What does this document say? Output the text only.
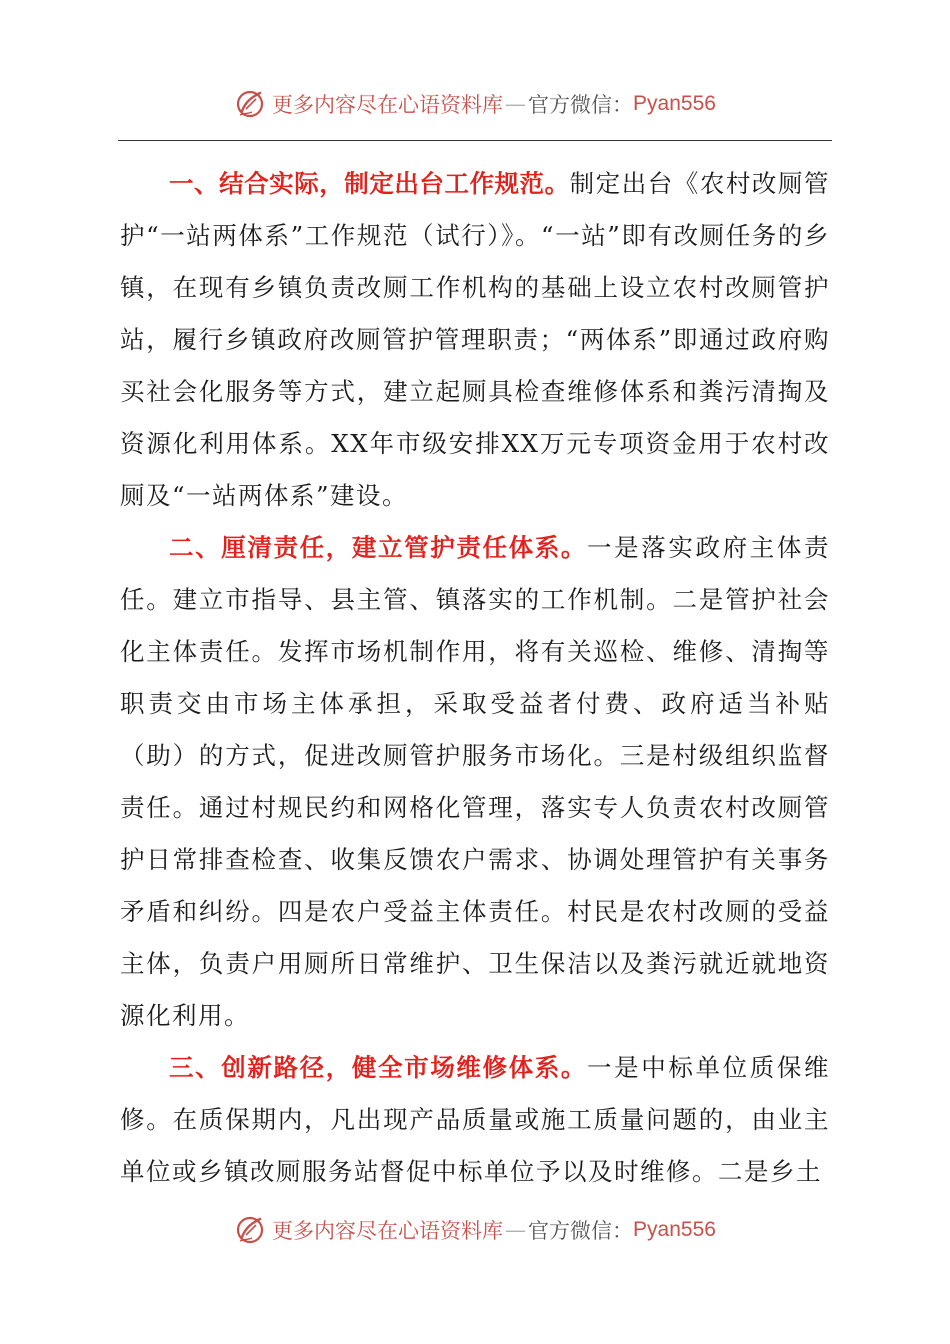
更多内容尽在心语资料库 — 官方微信： Pyan556

一、结合实际，制定出台工作规范。制定出台《农村改厕管护“一站两体系”工作规范（试行）》。“一站”即有改厕任务的乡镇，在现有乡镇负责改厕工作机构的基础上设立农村改厕管护站，履行乡镇政府改厕管护管理职责；“两体系”即通过政府购买社会化服务等方式，建立起厕具检查维修体系和粪污清掏及资源化利用体系。XX年市级安排XX万元专项资金用于农村改厕及“一站两体系”建设。

二、厘清责任，建立管护责任体系。一是落实政府主体责任。建立市指导、县主管、镇落实的工作机制。二是管护社会化主体责任。发挥市场机制作用，将有关巡检、维修、清掏等职责交由市场主体承担，采取受益者付费、政府适当补贴（助）的方式，促进改厕管护服务市场化。三是村级组织监督责任。通过村规民约和网格化管理，落实专人负责农村改厕管护日常排查检查、收集反馈农户需求、协调处理管护有关事务矛盾和纠纷。四是农户受益主体责任。村民是农村改厕的受益主体，负责户用厕所日常维护、卫生保洁以及粪污就近就地资源化利用。

三、创新路径，健全市场维修体系。一是中标单位质保维修。在质保期内，凡出现产品质量或施工质量问题的，由业主单位或乡镇改厕服务站督促中标单位予以及时维修。二是乡土

更多内容尽在心语资料库 — 官方微信： Pyan556
